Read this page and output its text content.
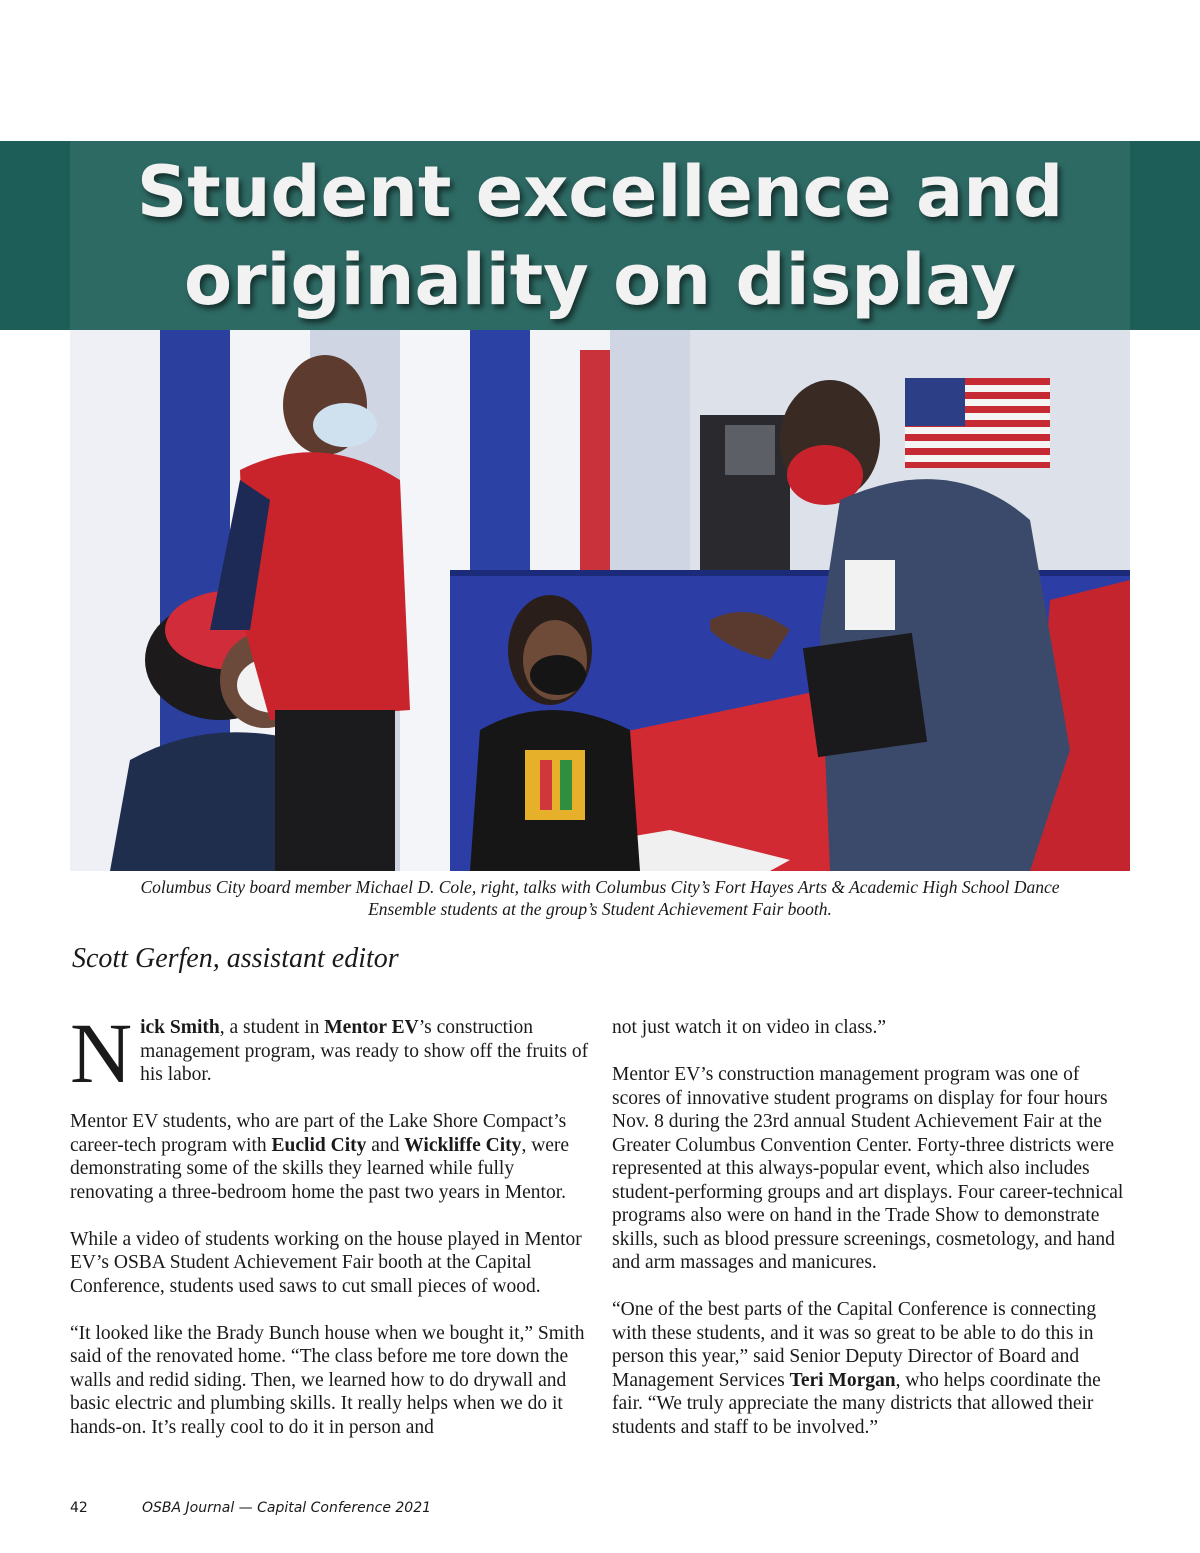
Student excellence and
originality on display
Columbus City board member Michael D. Cole, right, talks with Columbus City’s Fort Hayes Arts & Academic High School Dance
Ensemble students at the group’s Student Achievement Fair booth.
Scott Gerfen, assistant editor

Nick Smith, a student in Mentor EV’s construction management program, was ready to show off the fruits of his labor.

Mentor EV students, who are part of the Lake Shore Compact’s career-tech program with Euclid City and Wickliffe City, were demonstrating some of the skills they learned while fully renovating a three-bedroom home the past two years in Mentor.

While a video of students working on the house played in Mentor EV’s OSBA Student Achievement Fair booth at the Capital Conference, students used saws to cut small pieces of wood.

“It looked like the Brady Bunch house when we bought it,” Smith said of the renovated home. “The class before me tore down the walls and redid siding. Then, we learned how to do drywall and basic electric and plumbing skills. It really helps when we do it hands-on. It’s really cool to do it in person and

not just watch it on video in class.”

Mentor EV’s construction management program was one of scores of innovative student programs on display for four hours Nov. 8 during the 23rd annual Student Achievement Fair at the Greater Columbus Convention Center. Forty-three districts were represented at this always-popular event, which also includes student-performing groups and art displays. Four career-technical programs also were on hand in the Trade Show to demonstrate skills, such as blood pressure screenings, cosmetology, and hand and arm massages and manicures.

“One of the best parts of the Capital Conference is connecting with these students, and it was so great to be able to do this in person this year,” said Senior Deputy Director of Board and Management Services Teri Morgan, who helps coordinate the fair. “We truly appreciate the many districts that allowed their students and staff to be involved.”

42	OSBA Journal — Capital Conference 2021
